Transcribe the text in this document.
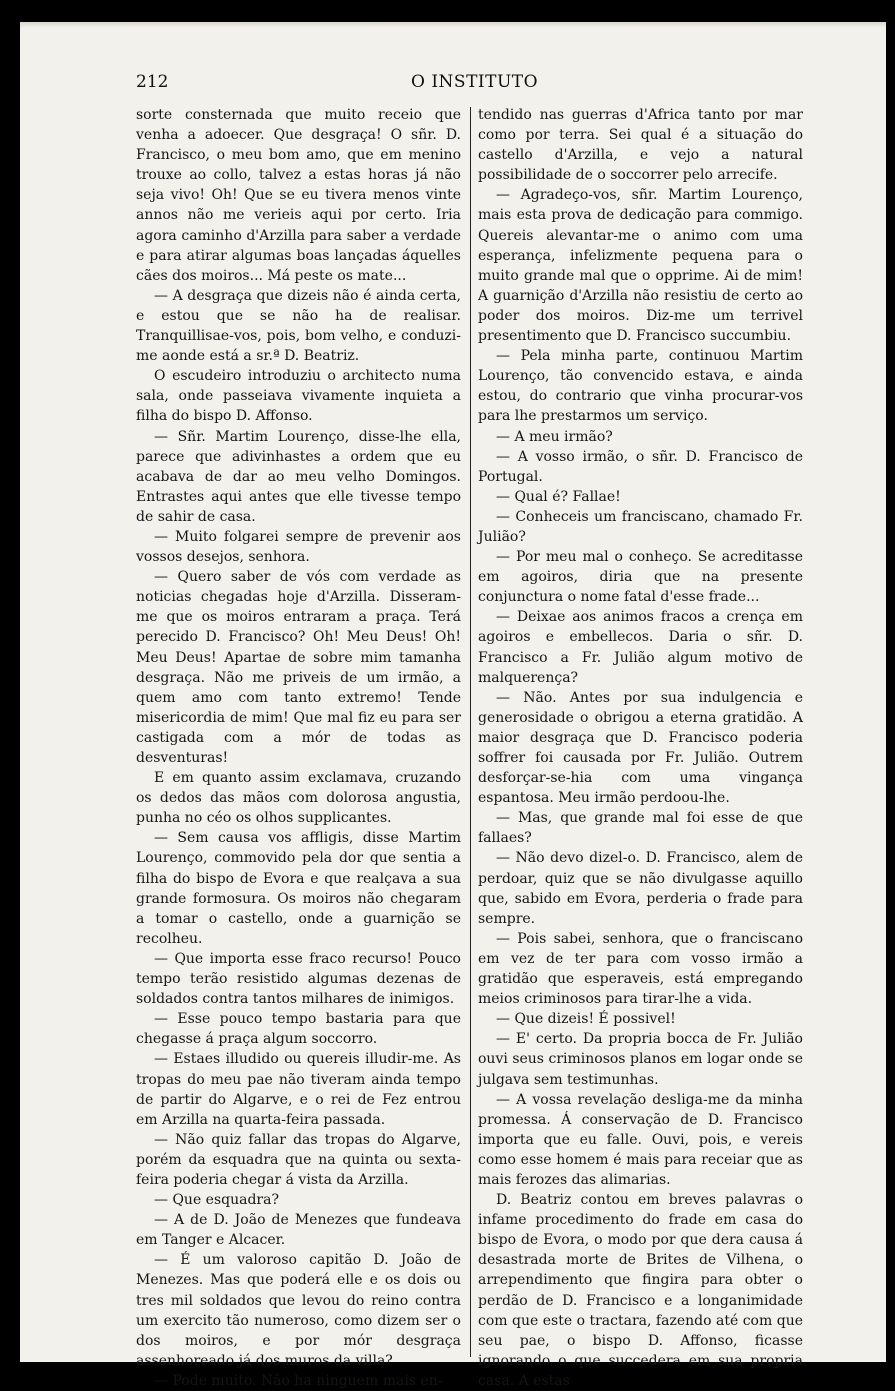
212	O INSTITUTO

sorte consternada que muito receio que venha a adoecer. Que desgraça! O sñr. D. Francisco, o meu bom amo, que em menino trouxe ao collo, talvez a estas horas já não seja vivo! Oh! Que se eu tivera menos vinte annos não me verieis aqui por certo. Iria agora caminho d'Arzilla para saber a verdade e para atirar algumas boas lançadas áquelles cães dos moiros... Má peste os mate...

— A desgraça que dizeis não é ainda certa, e estou que se não ha de realisar. Tranquillisae-vos, pois, bom velho, e conduzi-me aonde está a sr.ª D. Beatriz.

O escudeiro introduziu o architecto numa sala, onde passeiava vivamente inquieta a filha do bispo D. Affonso.

— Sñr. Martim Lourenço, disse-lhe ella, parece que adivinhastes a ordem que eu acabava de dar ao meu velho Domingos. Entrastes aqui antes que elle tivesse tempo de sahir de casa.

— Muito folgarei sempre de prevenir aos vossos desejos, senhora.

— Quero saber de vós com verdade as noticias chegadas hoje d'Arzilla. Disseram-me que os moiros entraram a praça. Terá perecido D. Francisco? Oh! Meu Deus! Oh! Meu Deus! Apartae de sobre mim tamanha desgraça. Não me priveis de um irmão, a quem amo com tanto extremo! Tende misericordia de mim! Que mal fiz eu para ser castigada com a mór de todas as desventuras!

E em quanto assim exclamava, cruzando os dedos das mãos com dolorosa angustia, punha no céo os olhos supplicantes.

— Sem causa vos affligis, disse Martim Lourenço, commovido pela dor que sentia a filha do bispo de Evora e que realçava a sua grande formosura. Os moiros não chegaram a tomar o castello, onde a guarnição se recolheu.

— Que importa esse fraco recurso! Pouco tempo terão resistido algumas dezenas de soldados contra tantos milhares de inimigos.

— Esse pouco tempo bastaria para que chegasse á praça algum soccorro.

— Estaes illudido ou quereis illudir-me. As tropas do meu pae não tiveram ainda tempo de partir do Algarve, e o rei de Fez entrou em Arzilla na quarta-feira passada.

— Não quiz fallar das tropas do Algarve, porém da esquadra que na quinta ou sexta-feira poderia chegar á vista da Arzilla.

— Que esquadra?

— A de D. João de Menezes que fundeava em Tanger e Alcacer.

— É um valoroso capitão D. João de Menezes. Mas que poderá elle e os dois ou tres mil soldados que levou do reino contra um exercito tão numeroso, como dizem ser o dos moiros, e por mór desgraça assenhoreado já dos muros da villa?

— Pode muito. Não ha ninguem mais en-

tendido nas guerras d'Africa tanto por mar como por terra. Sei qual é a situação do castello d'Arzilla, e vejo a natural possibilidade de o soccorrer pelo arrecife.

— Agradeço-vos, sñr. Martim Lourenço, mais esta prova de dedicação para commigo. Quereis alevantar-me o animo com uma esperança, infelizmente pequena para o muito grande mal que o opprime. Ai de mim! A guarnição d'Arzilla não resistiu de certo ao poder dos moiros. Diz-me um terrivel presentimento que D. Francisco succumbiu.

— Pela minha parte, continuou Martim Lourenço, tão convencido estava, e ainda estou, do contrario que vinha procurar-vos para lhe prestarmos um serviço.

— A meu irmão?

— A vosso irmão, o sñr. D. Francisco de Portugal.

— Qual é? Fallae!

— Conheceis um franciscano, chamado Fr. Julião?

— Por meu mal o conheço. Se acreditasse em agoiros, diria que na presente conjunctura o nome fatal d'esse frade...

— Deixae aos animos fracos a crença em agoiros e embellecos. Daria o sñr. D. Francisco a Fr. Julião algum motivo de malquerença?

— Não. Antes por sua indulgencia e generosidade o obrigou a eterna gratidão. A maior desgraça que D. Francisco poderia soffrer foi causada por Fr. Julião. Outrem desforçar-se-hia com uma vingança espantosa. Meu irmão perdoou-lhe.

— Mas, que grande mal foi esse de que fallaes?

— Não devo dizel-o. D. Francisco, alem de perdoar, quiz que se não divulgasse aquillo que, sabido em Evora, perderia o frade para sempre.

— Pois sabei, senhora, que o franciscano em vez de ter para com vosso irmão a gratidão que esperaveis, está empregando meios criminosos para tirar-lhe a vida.

— Que dizeis! É possivel!

— E' certo. Da propria bocca de Fr. Julião ouvi seus criminosos planos em logar onde se julgava sem testimunhas.

— A vossa revelação desliga-me da minha promessa. Á conservação de D. Francisco importa que eu falle. Ouvi, pois, e vereis como esse homem é mais para receiar que as mais ferozes das alimarias.

D. Beatriz contou em breves palavras o infame procedimento do frade em casa do bispo de Evora, o modo por que dera causa á desastrada morte de Brites de Vilhena, o arrependimento que fingira para obter o perdão de D. Francisco e a longanimidade com que este o tractara, fazendo até com que seu pae, o bispo D. Affonso, ficasse ignorando o que succedera em sua propria casa. A estas
